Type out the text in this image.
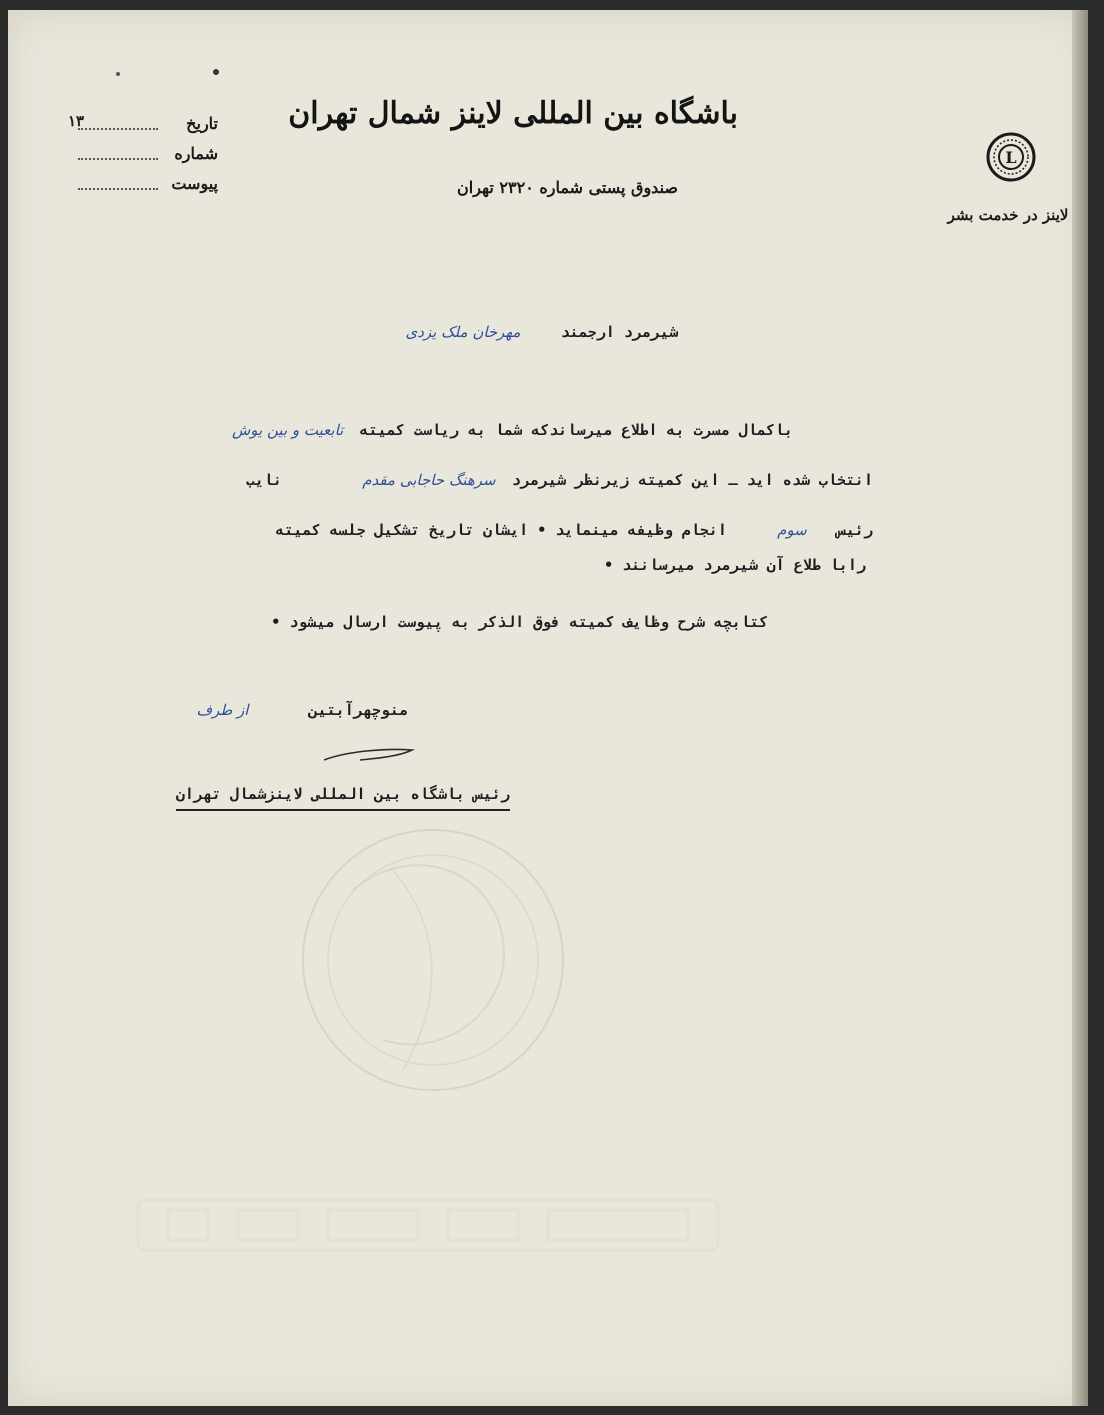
باشگاه بین المللی لاینز شمال تهران
صندوق پستی شماره ۲۳۲۰ تهران
۱۳	تاریخ
شماره
پیوست
L
لاینز در خدمت بشر
شیرمرد ارجمند  مهرخان ملک یزدی
باکمال مسرت به اطلاع میرساندکه شما به ریاست کمیته  تابعیت و بین یوش
انتخاب شده اید ـ این کمیته زیرنظر شیرمرد  سرهنگ حاجابی مقدم  نایب
رئیس  سوم  انجام وظیفه مینماید • ایشان تاریخ تشکیل جلسه کمیته
رابا طلاع آن شیرمرد میرسانند •
کتابچه شرح وظایف کمیته فوق الذکر به پیوست ارسال میشود •
منوچهرآبتین  از طرف
رئیس باشگاه بین المللی لاینزشمال تهران
